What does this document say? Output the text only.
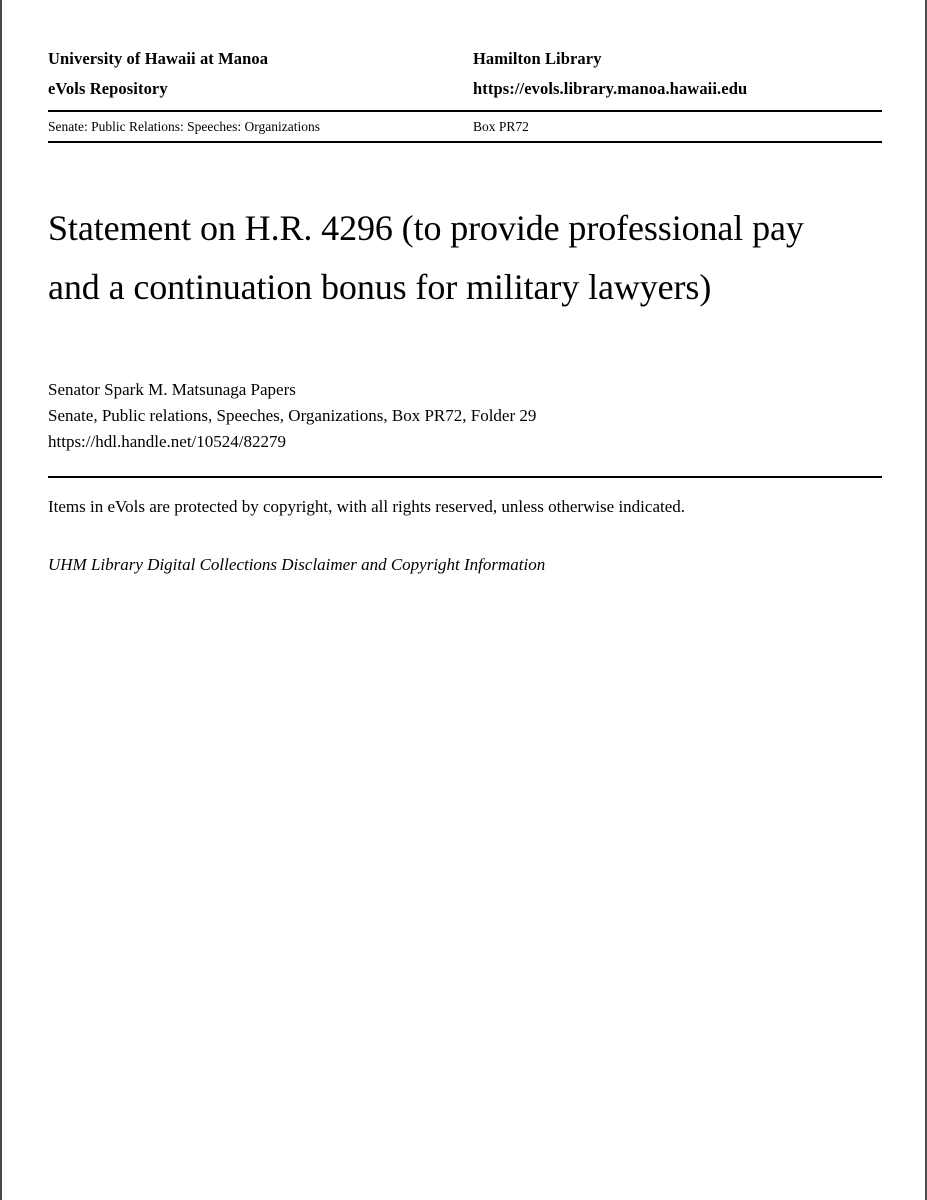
University of Hawaii at Manoa	Hamilton Library
eVols Repository	https://evols.library.manoa.hawaii.edu
Senate: Public Relations: Speeches: Organizations	Box PR72
Statement on H.R. 4296 (to provide professional pay and a continuation bonus for military lawyers)
Senator Spark M. Matsunaga Papers
Senate, Public relations, Speeches, Organizations, Box PR72, Folder 29
https://hdl.handle.net/10524/82279
Items in eVols are protected by copyright, with all rights reserved, unless otherwise indicated.
UHM Library Digital Collections Disclaimer and Copyright Information
